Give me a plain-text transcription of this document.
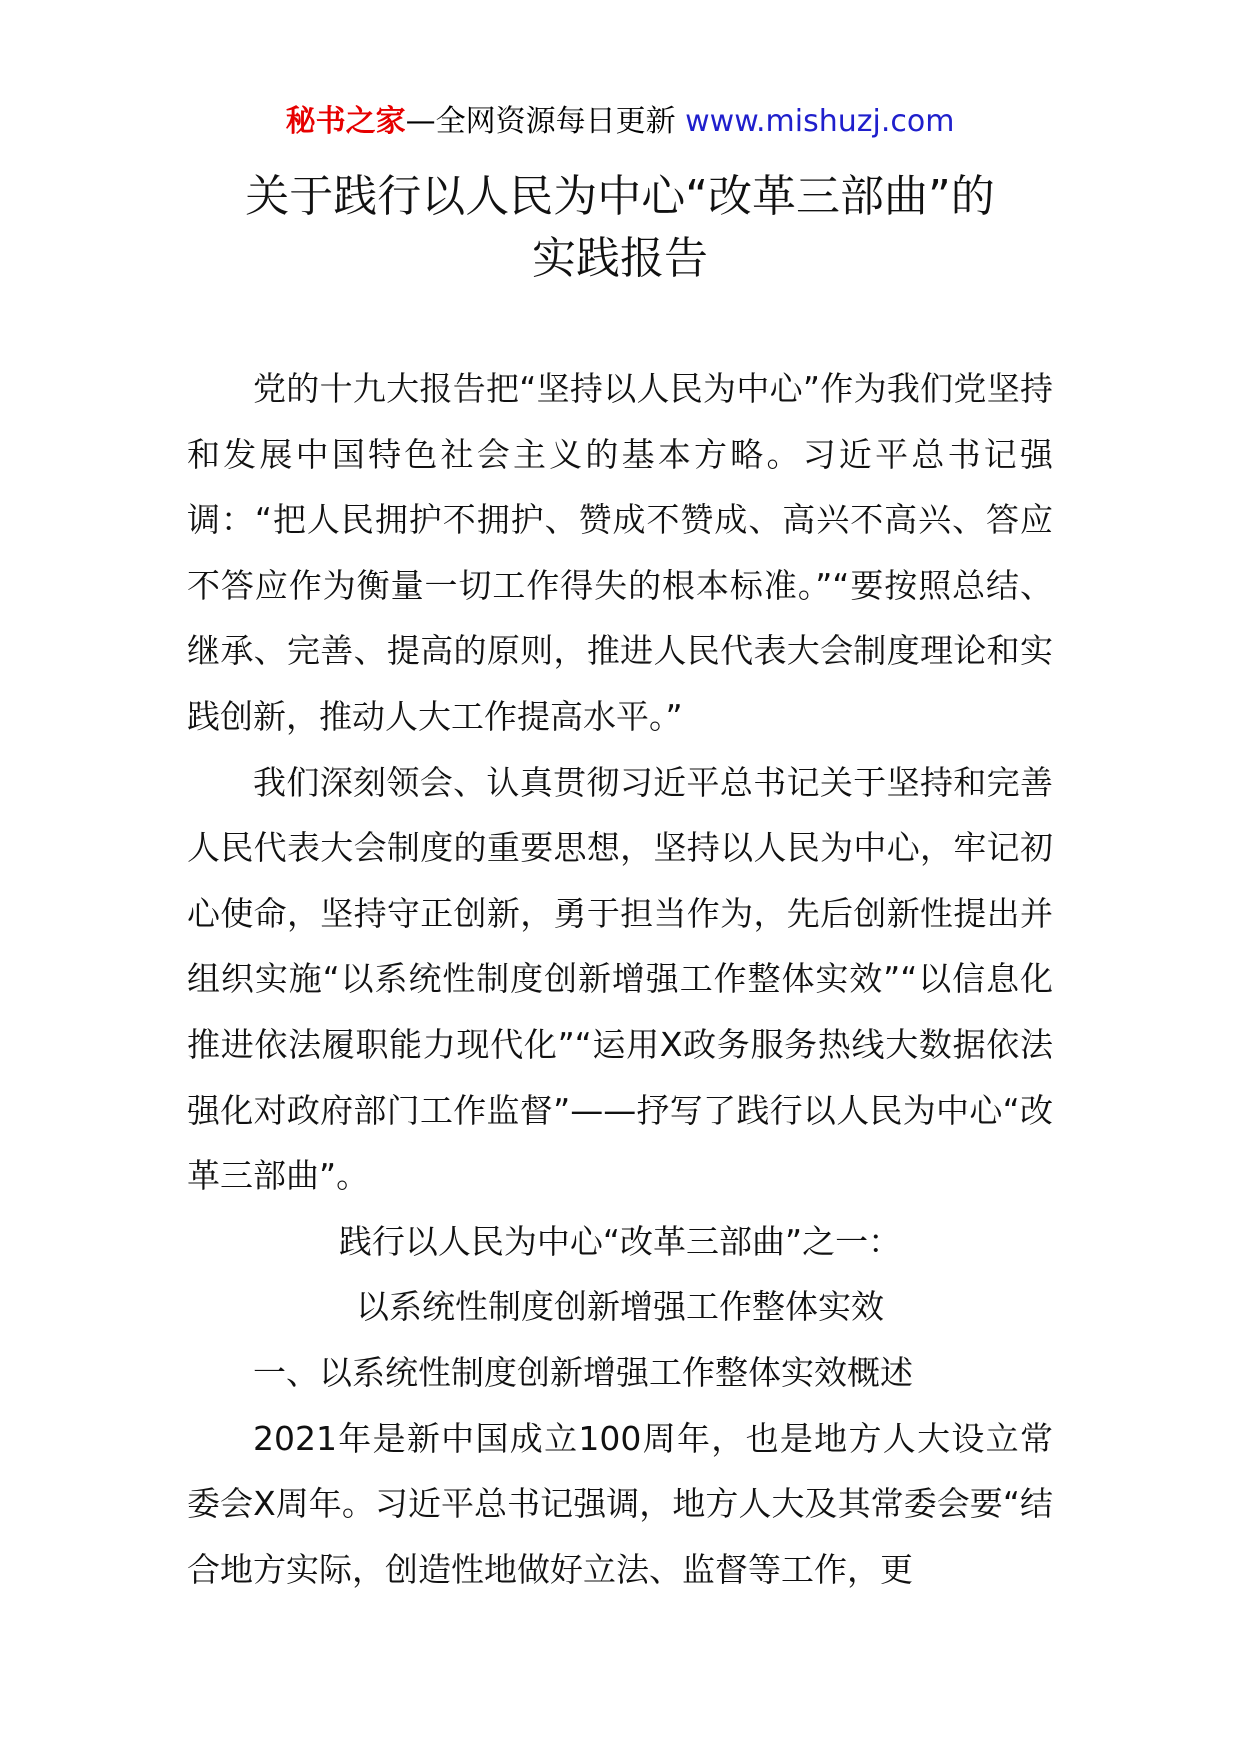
秘书之家—全网资源每日更新 www.mishuzj.com
关于践行以人民为中心“改革三部曲”的
实践报告

党的十九大报告把“坚持以人民为中心”作为我们党坚持和发展中国特色社会主义的基本方略。习近平总书记强调：“把人民拥护不拥护、赞成不赞成、高兴不高兴、答应不答应作为衡量一切工作得失的根本标准。”“要按照总结、继承、完善、提高的原则，推进人民代表大会制度理论和实践创新，推动人大工作提高水平。”

我们深刻领会、认真贯彻习近平总书记关于坚持和完善人民代表大会制度的重要思想，坚持以人民为中心，牢记初心使命，坚持守正创新，勇于担当作为，先后创新性提出并组织实施“以系统性制度创新增强工作整体实效”“以信息化推进依法履职能力现代化”“运用X政务服务热线大数据依法强化对政府部门工作监督”——抒写了践行以人民为中心“改革三部曲”。

践行以人民为中心“改革三部曲”之一：

以系统性制度创新增强工作整体实效

一、以系统性制度创新增强工作整体实效概述

2021年是新中国成立100周年，也是地方人大设立常委会X周年。习近平总书记强调，地方人大及其常委会要“结合地方实际，创造性地做好立法、监督等工作，更
